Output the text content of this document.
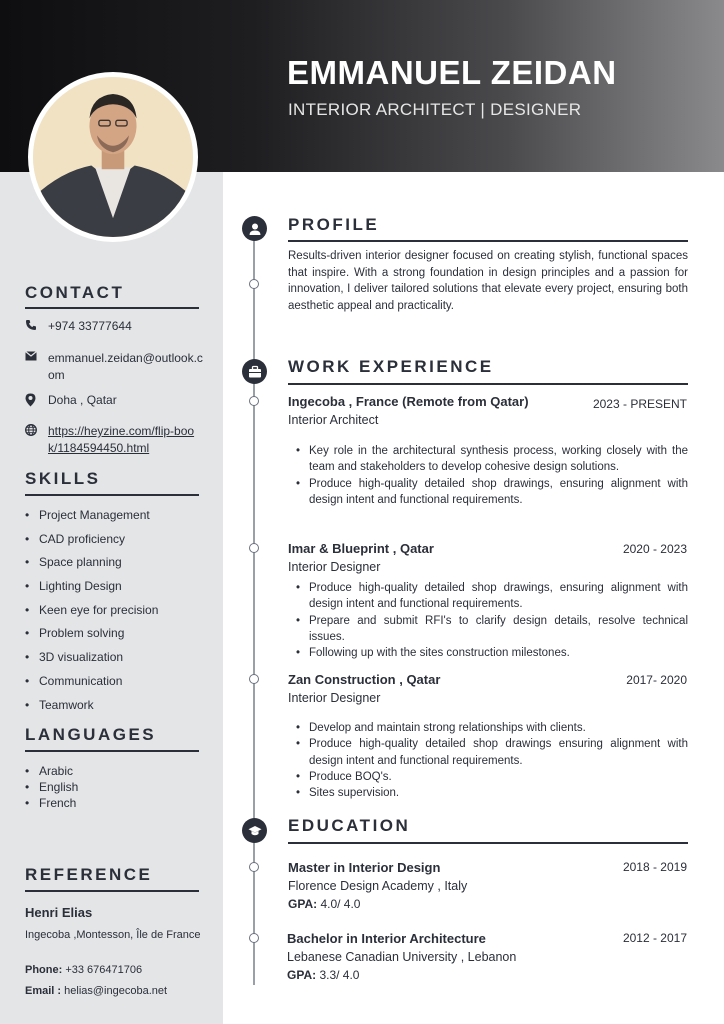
EMMANUEL ZEIDAN
INTERIOR ARCHITECT | DESIGNER
CONTACT
+974 33777644
emmanuel.zeidan@outlook.com
Doha , Qatar
https://heyzine.com/flip-book/1184594450.html
SKILLS
• Project Management
• CAD proficiency
• Space planning
• Lighting Design
• Keen eye for precision
• Problem solving
• 3D visualization
• Communication
• Teamwork
LANGUAGES
• Arabic
• English
• French
REFERENCE
Henri Elias
Ingecoba ,Montesson, Île de France
Phone: +33 676471706
Email : helias@ingecoba.net
PROFILE
Results-driven interior designer focused on creating stylish, functional spaces that inspire. With a strong foundation in design principles and a passion for innovation, I deliver tailored solutions that elevate every project, ensuring both aesthetic appeal and practicality.
WORK EXPERIENCE
Ingecoba , France (Remote from Qatar)	2023 - PRESENT
Interior Architect
• Key role in the architectural synthesis process, working closely with the team and stakeholders to develop cohesive design solutions.
• Produce high-quality detailed shop drawings, ensuring alignment with design intent and functional requirements.
Imar & Blueprint , Qatar	2020 - 2023
Interior Designer
• Produce high-quality detailed shop drawings, ensuring alignment with design intent and functional requirements.
• Prepare and submit RFI's to clarify design details, resolve technical issues.
• Following up with the sites construction milestones.
Zan Construction , Qatar	2017- 2020
Interior Designer
• Develop and maintain strong relationships with clients.
• Produce high-quality detailed shop drawings ensuring alignment with design intent and functional requirements.
• Produce BOQ's.
• Sites supervision.
EDUCATION
Master in Interior Design	2018 - 2019
Florence Design Academy , Italy
GPA: 4.0/ 4.0
Bachelor in Interior Architecture	2012 - 2017
Lebanese Canadian University , Lebanon
GPA: 3.3/ 4.0
